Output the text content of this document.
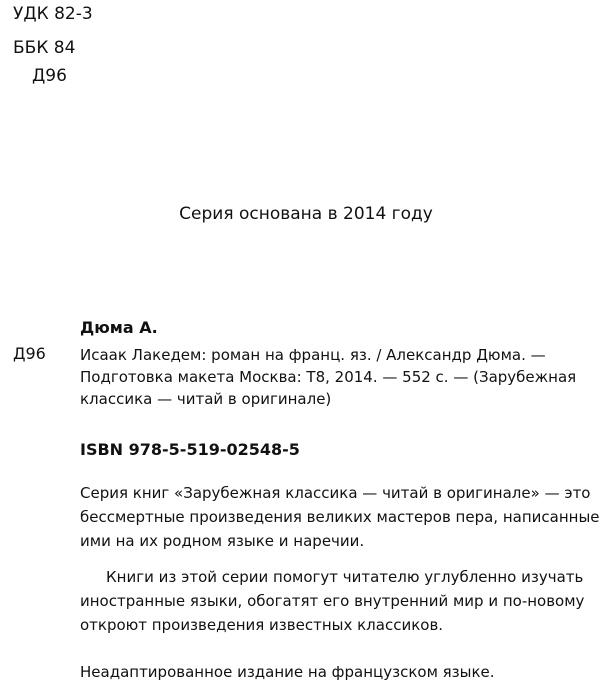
УДК 82-3
ББК 84
Д96
Серия основана в 2014 году
Дюма А.
Д96 Исаак Лакедем: роман на франц. яз. / Александр Дюма. —
Подготовка макета Москва: Т8, 2014. — 552 с. — (Зарубежная
классика — читай в оригинале)
ISBN 978-5-519-02548-5
Серия книг «Зарубежная классика — читай в оригинале» — это
бессмертные произведения великих мастеров пера, написанные
ими на их родном языке и наречии.
Книги из этой серии помогут читателю углубленно изучать
иностранные языки, обогатят его внутренний мир и по-новому
откроют произведения известных классиков.
Неадаптированное издание на французском языке.
